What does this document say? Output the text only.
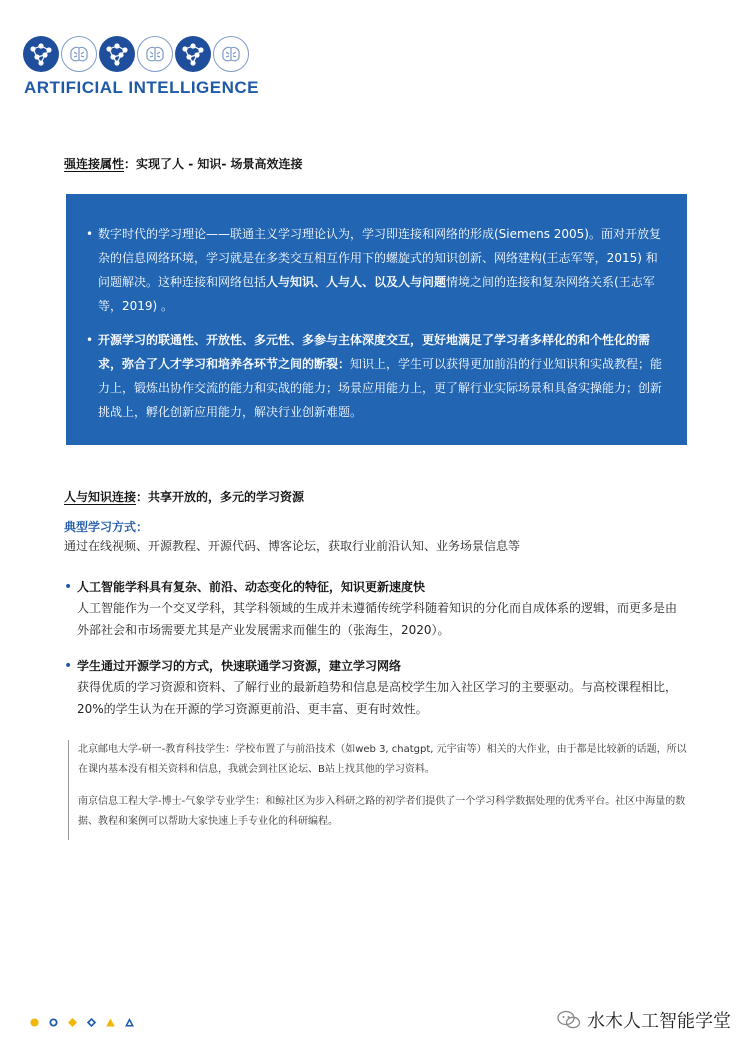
ARTIFICIAL INTELLIGENCE
强连接属性：实现了人 - 知识- 场景高效连接
• 数字时代的学习理论——联通主义学习理论认为，学习即连接和网络的形成(Siemens 2005)。面对开放复杂的信息网络环境，学习就是在多类交互相互作用下的螺旋式的知识创新、网络建构(王志军等，2015) 和问题解决。这种连接和网络包括人与知识、人与人、以及人与问题情境之间的连接和复杂网络关系(王志军等，2019) 。
• 开源学习的联通性、开放性、多元性、多参与主体深度交互，更好地满足了学习者多样化的和个性化的需求，弥合了人才学习和培养各环节之间的断裂：知识上，学生可以获得更加前沿的行业知识和实战教程；能力上，锻炼出协作交流的能力和实战的能力；场景应用能力上，更了解行业实际场景和具备实操能力；创新挑战上，孵化创新应用能力，解决行业创新难题。
人与知识连接：共享开放的，多元的学习资源
典型学习方式：
通过在线视频、开源教程、开源代码、博客论坛，获取行业前沿认知、业务场景信息等
• 人工智能学科具有复杂、前沿、动态变化的特征，知识更新速度快
人工智能作为一个交叉学科，其学科领域的生成并未遵循传统学科随着知识的分化而自成体系的逻辑，而更多是由外部社会和市场需要尤其是产业发展需求而催生的（张海生，2020）。
• 学生通过开源学习的方式，快速联通学习资源，建立学习网络
获得优质的学习资源和资料、了解行业的最新趋势和信息是高校学生加入社区学习的主要驱动。与高校课程相比，20%的学生认为在开源的学习资源更前沿、更丰富、更有时效性。

北京邮电大学-研一-教育科技学生：学校布置了与前沿技术（如web 3, chatgpt, 元宇宙等）相关的大作业，由于都是比较新的话题，所以在课内基本没有相关资料和信息，我就会到社区论坛、B站上找其他的学习资料。

南京信息工程大学-博士-气象学专业学生：和鲸社区为步入科研之路的初学者们提供了一个学习科学数据处理的优秀平台。社区中海量的数据、教程和案例可以帮助大家快速上手专业化的科研编程。

水木人工智能学堂
